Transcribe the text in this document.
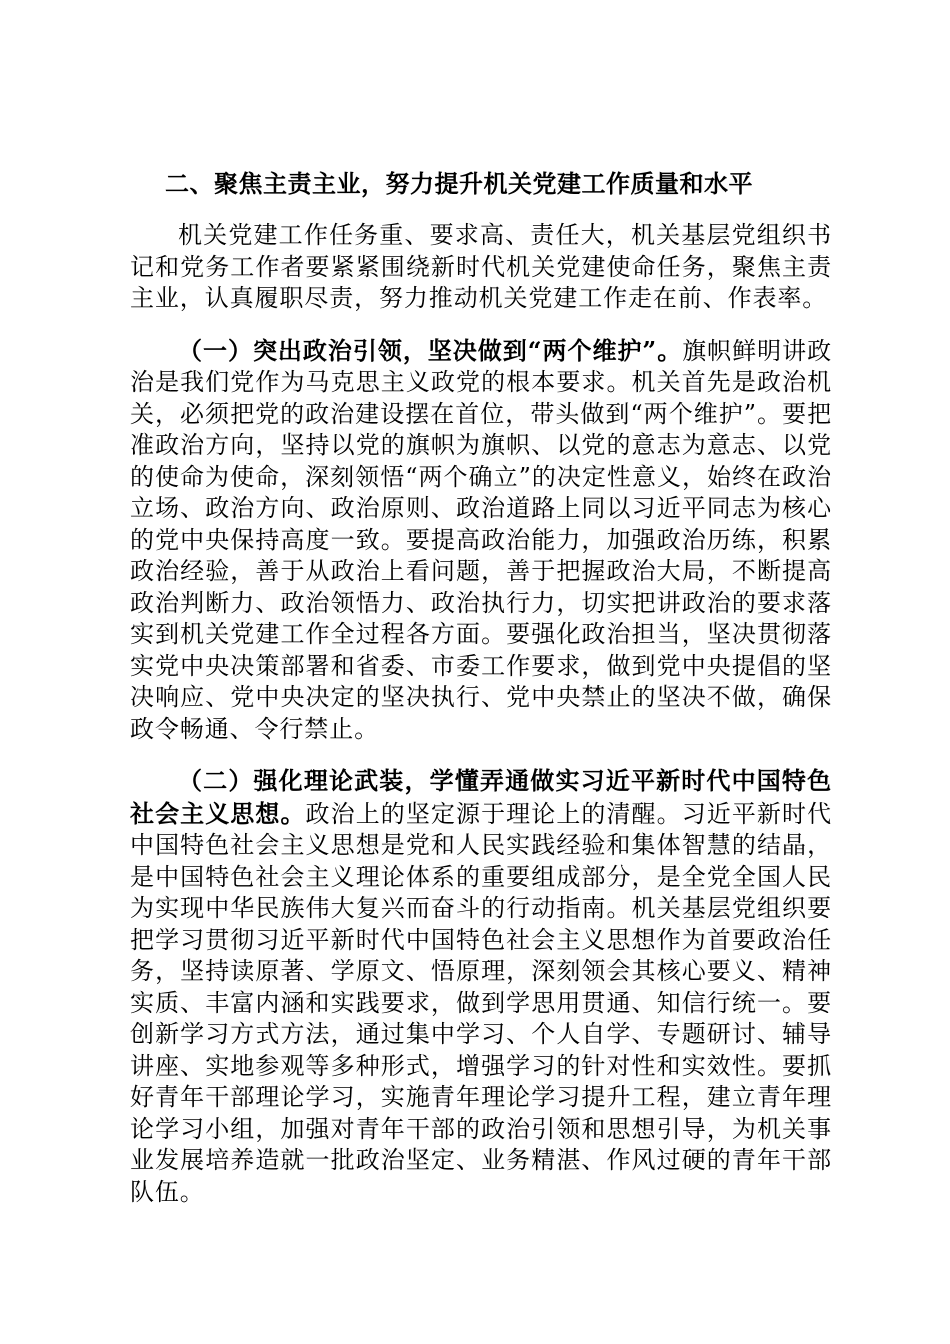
二、聚焦主责主业，努力提升机关党建工作质量和水平

机关党建工作任务重、要求高、责任大，机关基层党组织书记和党务工作者要紧紧围绕新时代机关党建使命任务，聚焦主责主业，认真履职尽责，努力推动机关党建工作走在前、作表率。

（一）突出政治引领，坚决做到“两个维护”。旗帜鲜明讲政治是我们党作为马克思主义政党的根本要求。机关首先是政治机关，必须把党的政治建设摆在首位，带头做到“两个维护”。要把准政治方向，坚持以党的旗帜为旗帜、以党的意志为意志、以党的使命为使命，深刻领悟“两个确立”的决定性意义，始终在政治立场、政治方向、政治原则、政治道路上同以习近平同志为核心的党中央保持高度一致。要提高政治能力，加强政治历练，积累政治经验，善于从政治上看问题，善于把握政治大局，不断提高政治判断力、政治领悟力、政治执行力，切实把讲政治的要求落实到机关党建工作全过程各方面。要强化政治担当，坚决贯彻落实党中央决策部署和省委、市委工作要求，做到党中央提倡的坚决响应、党中央决定的坚决执行、党中央禁止的坚决不做，确保政令畅通、令行禁止。

（二）强化理论武装，学懂弄通做实习近平新时代中国特色社会主义思想。政治上的坚定源于理论上的清醒。习近平新时代中国特色社会主义思想是党和人民实践经验和集体智慧的结晶，是中国特色社会主义理论体系的重要组成部分，是全党全国人民为实现中华民族伟大复兴而奋斗的行动指南。机关基层党组织要把学习贯彻习近平新时代中国特色社会主义思想作为首要政治任务，坚持读原著、学原文、悟原理，深刻领会其核心要义、精神实质、丰富内涵和实践要求，做到学思用贯通、知信行统一。要创新学习方式方法，通过集中学习、个人自学、专题研讨、辅导讲座、实地参观等多种形式，增强学习的针对性和实效性。要抓好青年干部理论学习，实施青年理论学习提升工程，建立青年理论学习小组，加强对青年干部的政治引领和思想引导，为机关事业发展培养造就一批政治坚定、业务精湛、作风过硬的青年干部队伍。
